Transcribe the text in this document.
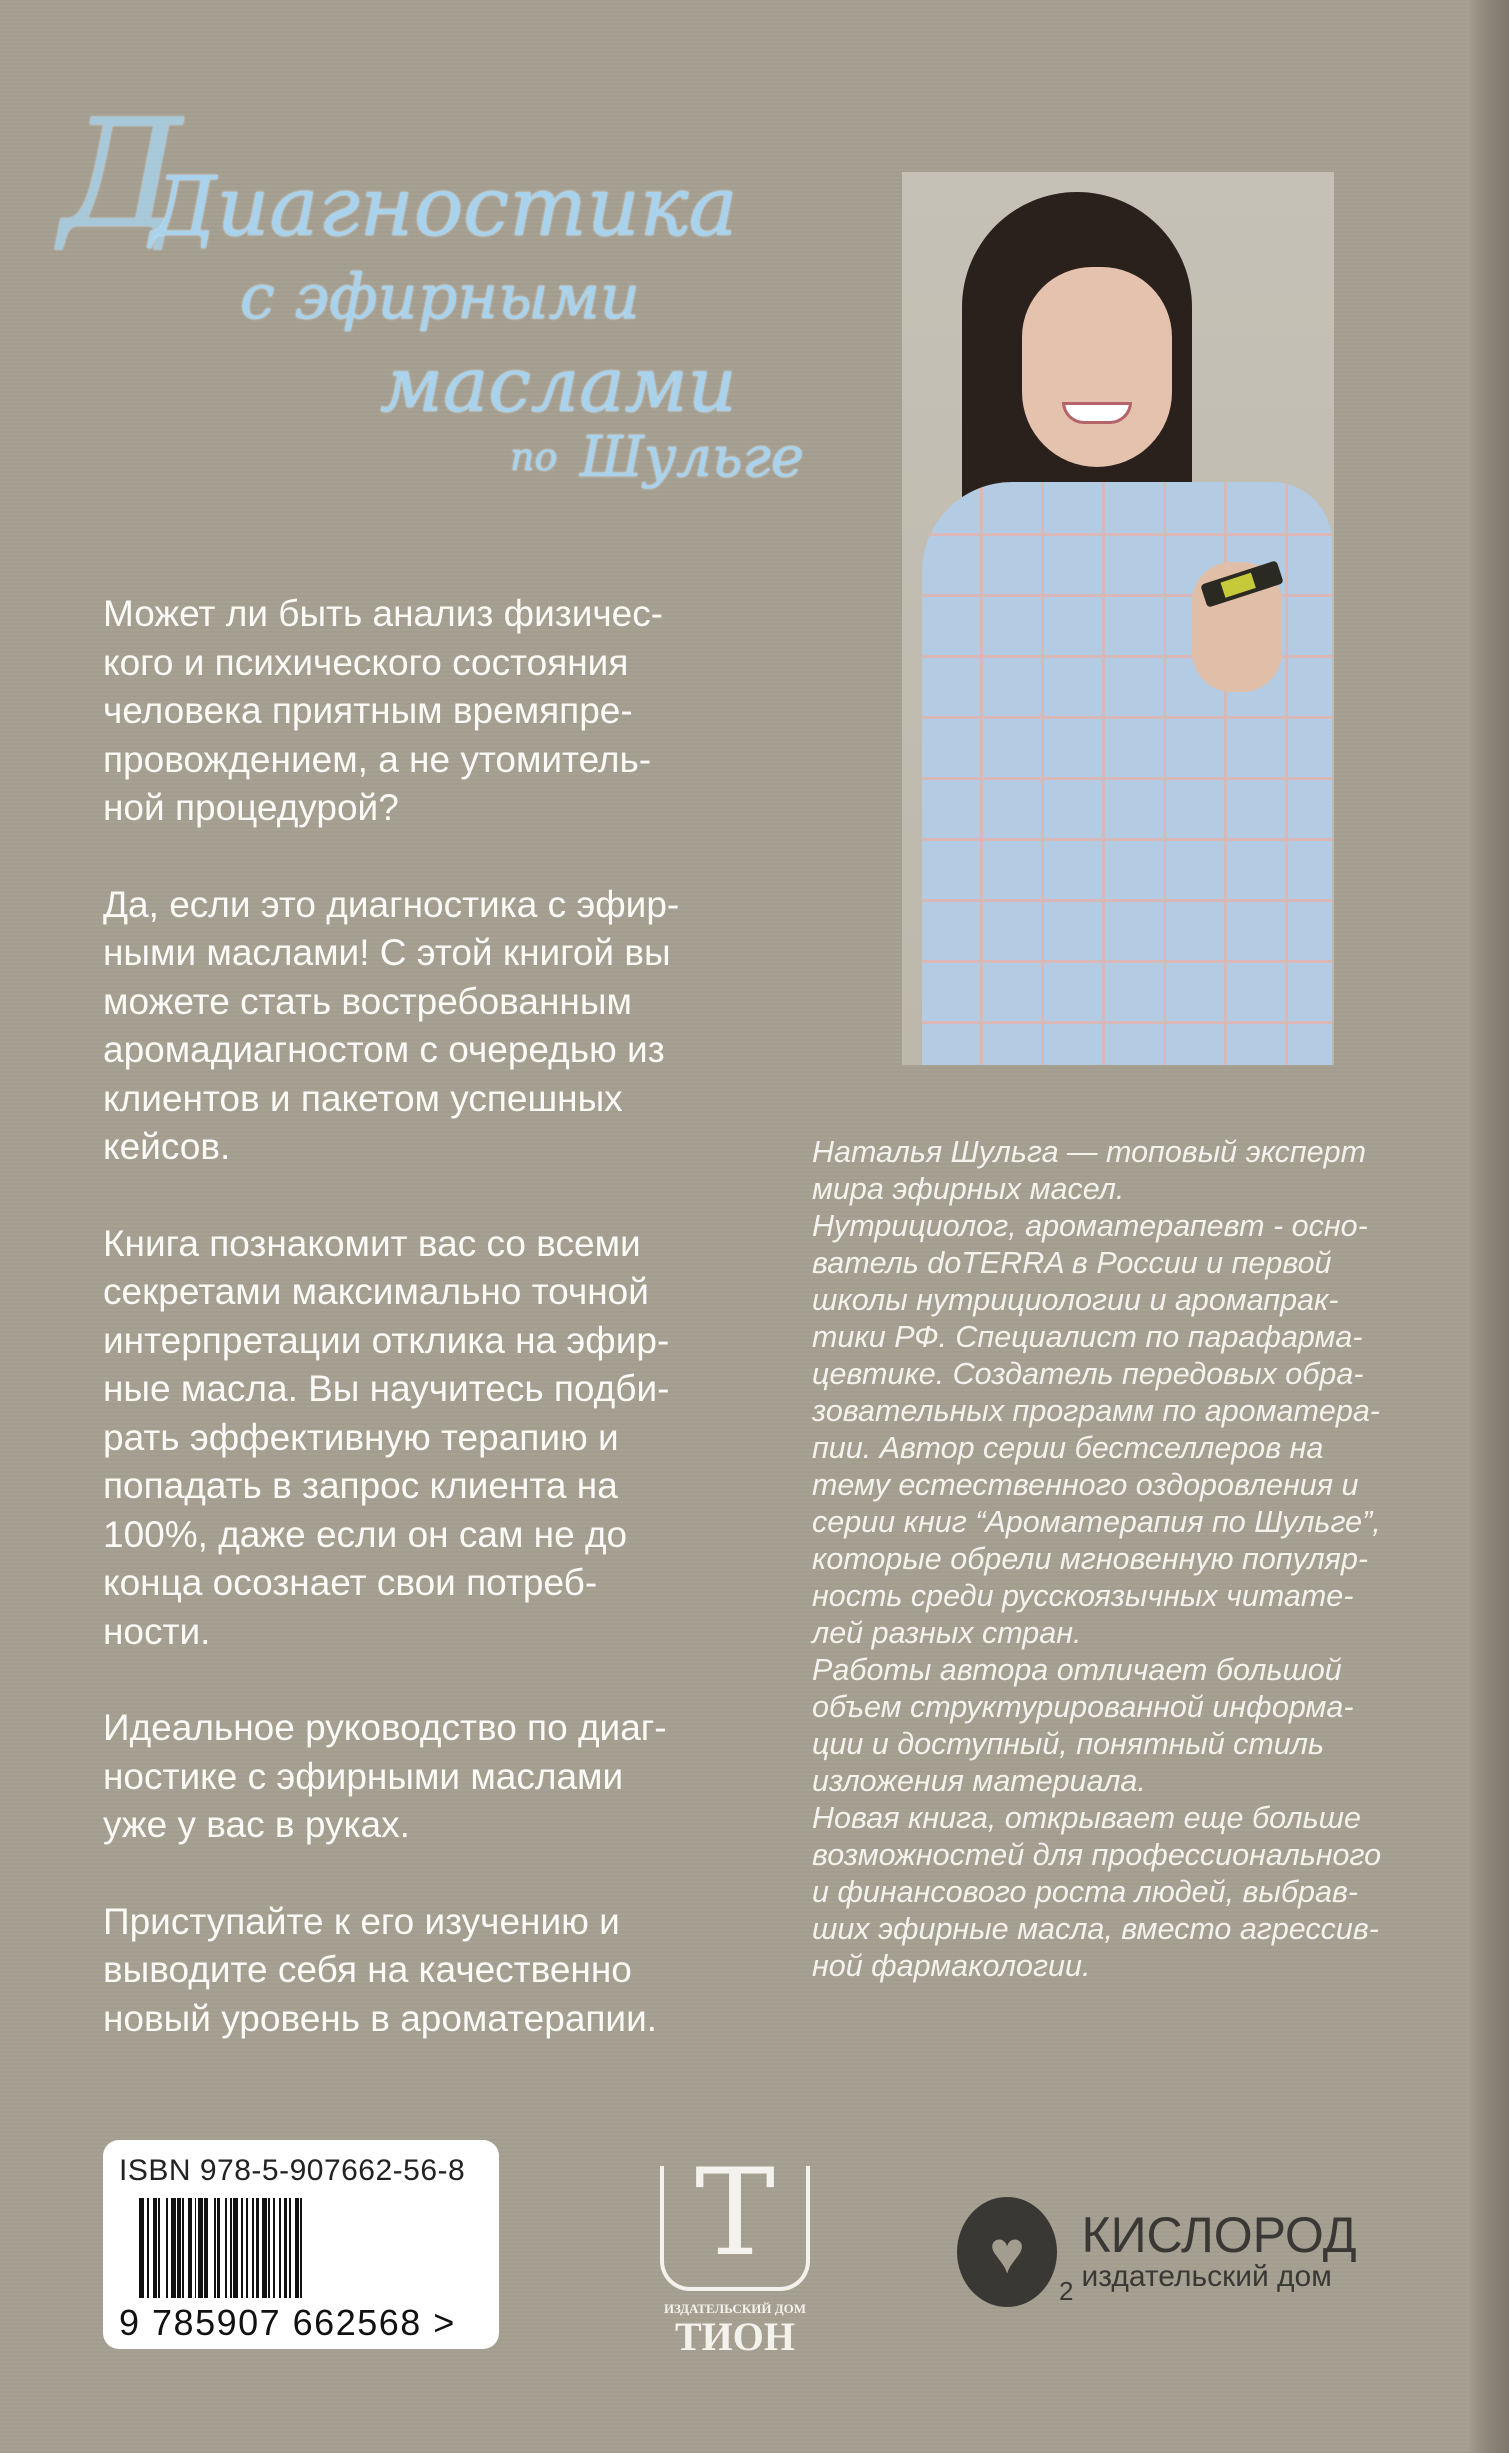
Д
Диагностика
с эфирными
маслами
по Шульге

Может ли быть анализ физичес-
кого и психического состояния
человека приятным времяпре-
провождением, а не утомитель-
ной процедурой?

Да, если это диагностика с эфир-
ными маслами! С этой книгой вы
можете стать востребованным
аромадиагностом с очередью из
клиентов и пакетом успешных
кейсов.

Книга познакомит вас со всеми
секретами максимально точной
интерпретации отклика на эфир-
ные масла. Вы научитесь подби-
рать эффективную терапию и
попадать в запрос клиента на
100%, даже если он сам не до
конца осознает свои потреб-
ности.

Идеальное руководство по диаг-
ностике с эфирными маслами
уже у вас в руках.

Приступайте к его изучению и
выводите себя на качественно
новый уровень в ароматерапии.

Наталья Шульга — топовый эксперт
мира эфирных масел.
Нутрициолог, ароматерапевт - осно-
ватель doTERRA в России и первой
школы нутрициологии и аромапрак-
тики РФ. Специалист по парафарма-
цевтике. Создатель передовых обра-
зовательных программ по ароматера-
пии. Автор серии бестселлеров на
тему естественного оздоровления и
серии книг “Ароматерапия по Шульге”,
которые обрели мгновенную популяр-
ность среди русскоязычных читате-
лей разных стран.
Работы автора отличает большой
объем структурированной информа-
ции и доступный, понятный стиль
изложения материала.
Новая книга, открывает еще больше
возможностей для профессионального
и финансового роста людей, выбрав-
ших эфирные масла, вместо агрессив-
ной фармакологии.
ISBN 978-5-907662-56-8
9 785907 662568 >
Т
ИЗДАТЕЛЬСКИЙ ДОМ
ТИОН
♥
2
КИСЛОРОД
издательский дом
